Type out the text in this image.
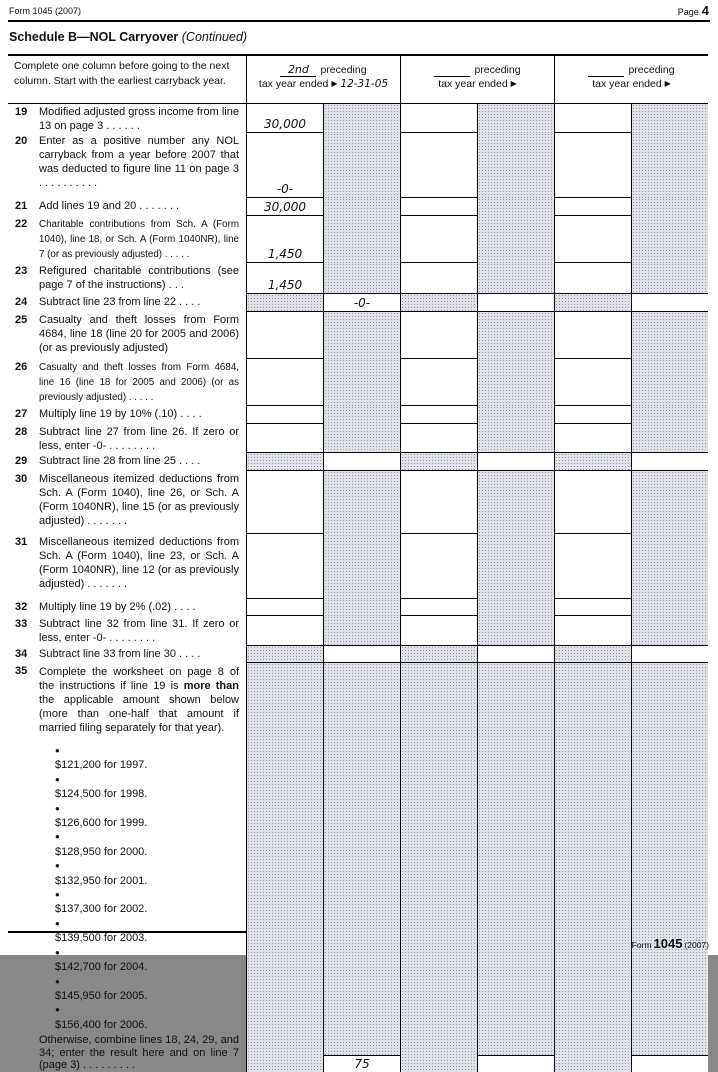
Form 1045 (2007)	Page 4
Schedule B—NOL Carryover (Continued)
Complete one column before going to the next column. Start with the earliest carryback year.
2nd preceding
tax year ended ▶ 12-31-05
preceding
tax year ended ▶
preceding
tax year ended ▶
19	Modified adjusted gross income from line 13 on page 3 . . . . . .	30,000
20	Enter as a positive number any NOL carryback from a year before 2007 that was deducted to figure line 11 on page 3 . . . . . . . . . .	-0-
21	Add lines 19 and 20 . . . . . . .	30,000
22	Charitable contributions from Sch. A (Form 1040), line 18, or Sch. A (Form 1040NR), line 7 (or as previously adjusted) . . . . .	1,450
23	Refigured charitable contributions (see page 7 of the instructions) . . .	1,450
24	Subtract line 23 from line 22 . . . .	-0-
25	Casualty and theft losses from Form 4684, line 18 (line 20 for 2005 and 2006) (or as previously adjusted)
26	Casualty and theft losses from Form 4684, line 16 (line 18 for 2005 and 2006) (or as previously adjusted) . . . . .
27	Multiply line 19 by 10% (.10) . . . .
28	Subtract line 27 from line 26. If zero or less, enter -0- . . . . . . . .
29	Subtract line 28 from line 25 . . . .
30	Miscellaneous itemized deductions from Sch. A (Form 1040), line 26, or Sch. A (Form 1040NR), line 15 (or as previously adjusted) . . . . . . .
31	Miscellaneous itemized deductions from Sch. A (Form 1040), line 23, or Sch. A (Form 1040NR), line 12 (or as previously adjusted) . . . . . . .
32	Multiply line 19 by 2% (.02) . . . .
33	Subtract line 32 from line 31. If zero or less, enter -0- . . . . . . . .
34	Subtract line 33 from line 30 . . . .
35	Complete the worksheet on page 8 of the instructions if line 19 is more than the applicable amount shown below (more than one-half that amount if married filing separately for that year).
●
$121,200 for 1997.
●
$124,500 for 1998.
●
$126,600 for 1999.
●
$128,950 for 2000.
●
$132,950 for 2001.
●
$137,300 for 2002.
●
$139,500 for 2003.
●
$142,700 for 2004.
●
$145,950 for 2005.
●
$156,400 for 2006.
Otherwise, combine lines 18, 24, 29, and 34; enter the result here and on line 7 (page 3) . . . . . . . . .	75
Form 1045 (2007)
